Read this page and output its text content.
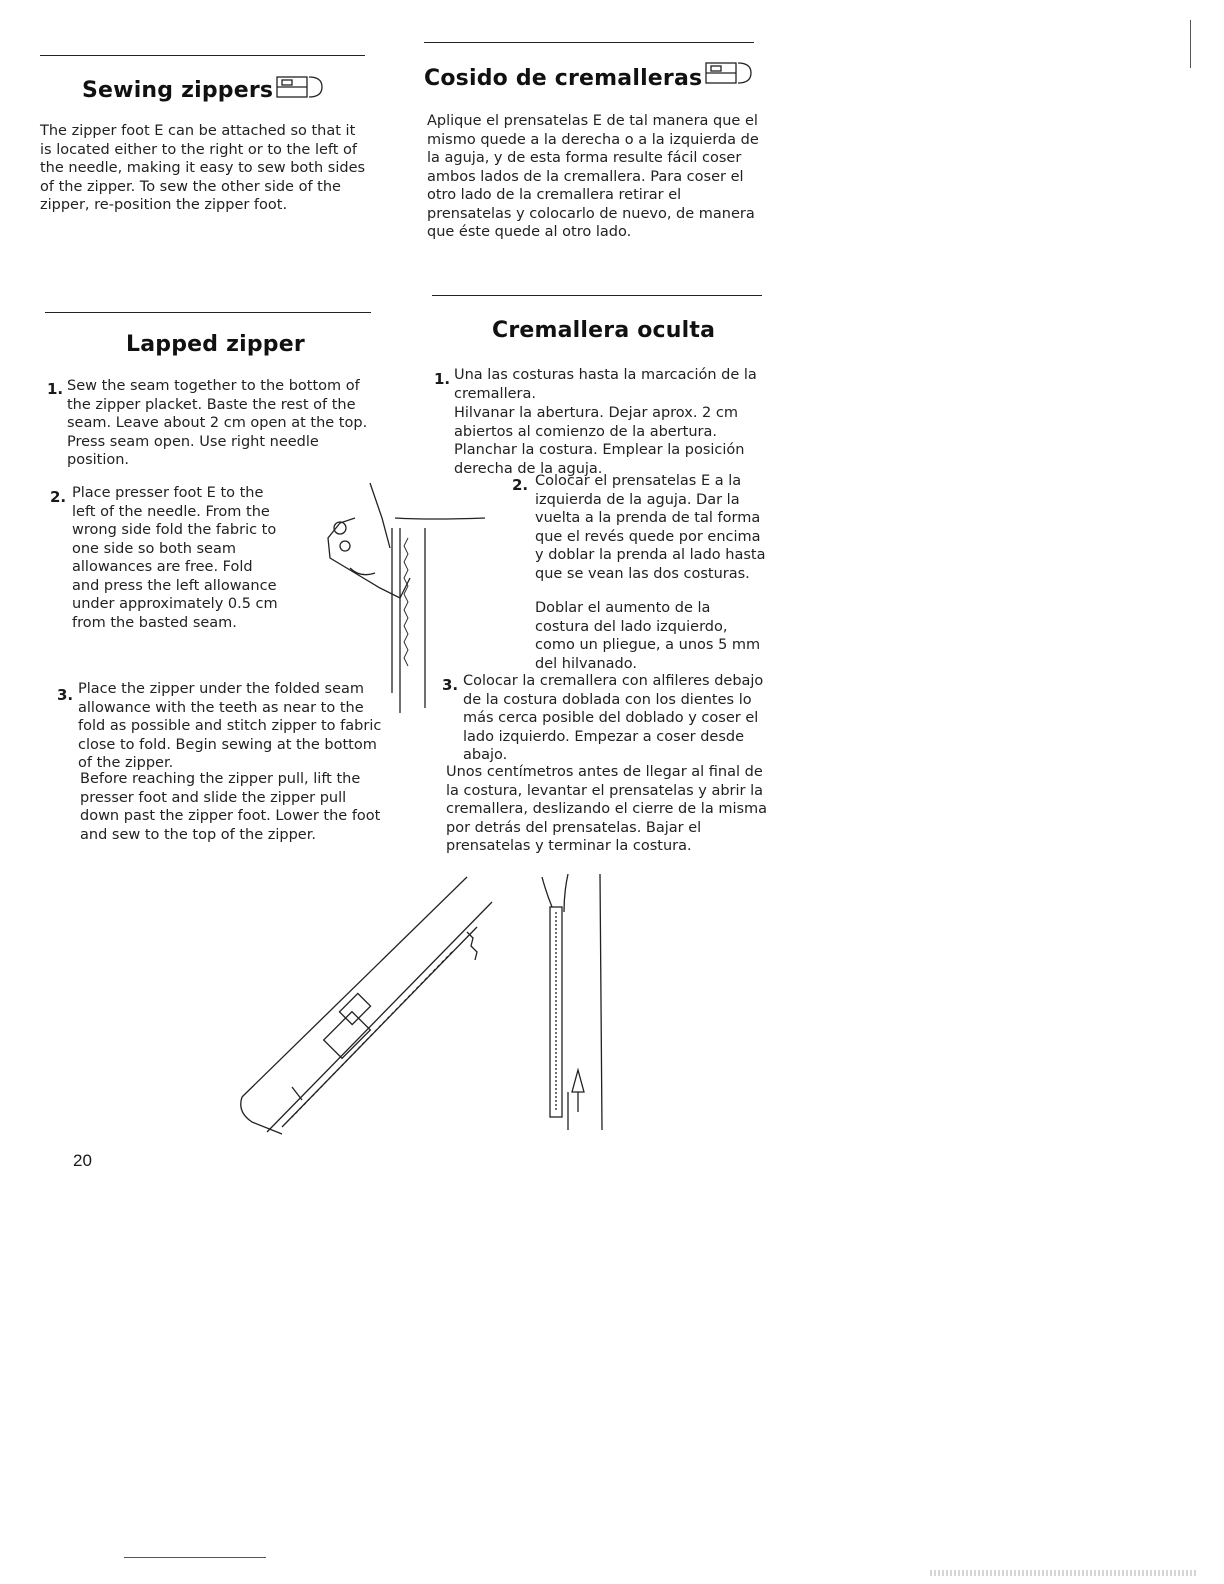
Sewing zippers

The zipper foot E can be attached so that it is located either to the right or to the left of the needle, making it easy to sew both sides of the zipper. To sew the other side of the zipper, re-position the zipper foot.

Cosido de cremalleras

Aplique el prensatelas E de tal manera que el mismo quede a la derecha o a la izquierda de la aguja, y de esta forma resulte fácil coser ambos lados de la cremallera. Para coser el otro lado de la cremallera retirar el prensatelas y colocarlo de nuevo, de manera que éste quede al otro lado.

Lapped zipper
1. Sew the seam together to the bottom of the zipper placket. Baste the rest of the seam. Leave about 2 cm open at the top. Press seam open. Use right needle position.

2. Place presser foot E to the left of the needle. From the wrong side fold the fabric to one side so both seam allowances are free. Fold and press the left allowance under approximately 0.5 cm from the basted seam.

3. Place the zipper under the folded seam allowance with the teeth as near to the fold as possible and stitch zipper to fabric close to fold. Begin sewing at the bottom of the zipper.

Before reaching the zipper pull, lift the presser foot and slide the zipper pull down past the zipper foot. Lower the foot and sew to the top of the zipper.

Cremallera oculta
1. Una las costuras hasta la marcación de la cremallera.

Hilvanar la abertura. Dejar aprox. 2 cm abiertos al comienzo de la abertura. Planchar la costura. Emplear la posición derecha de la aguja.

2. Colocar el prensatelas E a la izquierda de la aguja. Dar la vuelta a la prenda de tal forma que el revés quede por encima y doblar la prenda al lado hasta que se vean las dos costuras.

Doblar el aumento de la costura del lado izquierdo, como un pliegue, a unos 5 mm del hilvanado.

3. Colocar la cremallera con alfileres debajo de la costura doblada con los dientes lo más cerca posible del doblado y coser el lado izquierdo. Empezar a coser desde abajo.

Unos centímetros antes de llegar al final de la costura, levantar el prensatelas y abrir la cremallera, deslizando el cierre de la misma por detrás del prensatelas. Bajar el prensatelas y terminar la costura.

20
